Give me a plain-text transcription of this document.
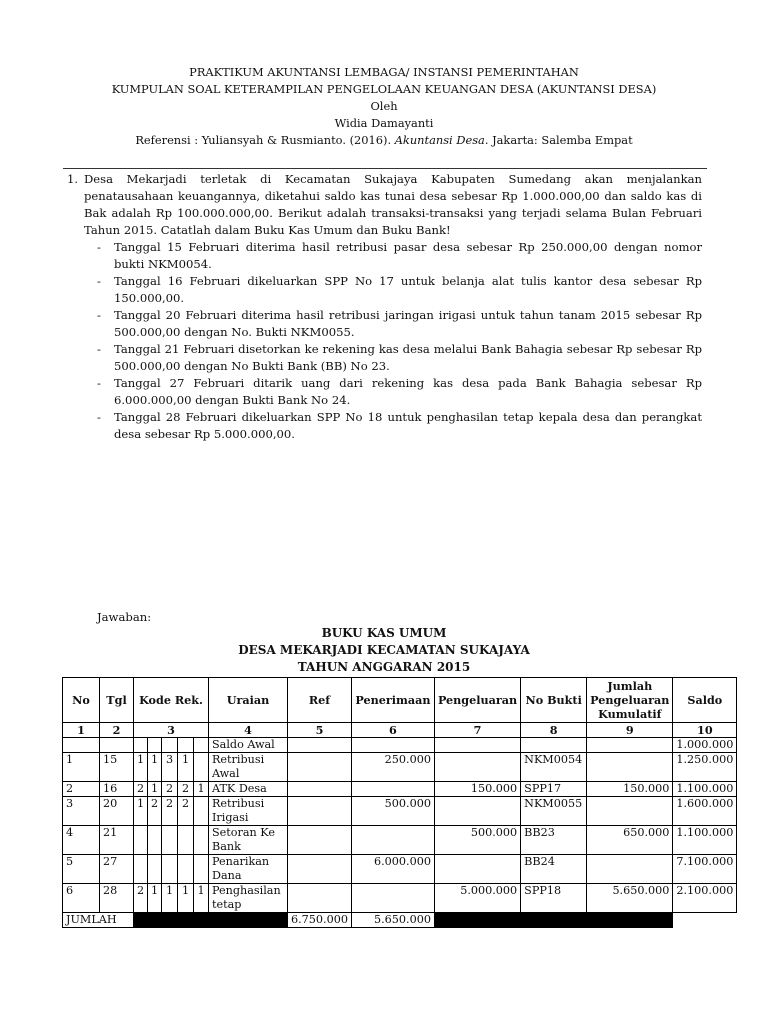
PRAKTIKUM AKUNTANSI LEMBAGA/ INSTANSI PEMERINTAHAN
KUMPULAN SOAL KETERAMPILAN PENGELOLAAN KEUANGAN DESA (AKUNTANSI DESA)
Oleh
Widia Damayanti
Referensi : Yuliansyah & Rusmianto. (2016). Akuntansi Desa. Jakarta: Salemba Empat
1. Desa Mekarjadi terletak di Kecamatan Sukajaya Kabupaten Sumedang akan menjalankan penatausahaan keuangannya, diketahui saldo kas tunai desa sebesar Rp 1.000.000,00 dan saldo kas di Bak adalah Rp 100.000.000,00. Berikut adalah transaksi-transaksi yang terjadi selama Bulan Februari Tahun 2015. Catatlah dalam Buku Kas Umum dan Buku Bank!
- Tanggal 15 Februari diterima hasil retribusi pasar desa sebesar Rp 250.000,00 dengan nomor bukti NKM0054.
- Tanggal 16 Februari dikeluarkan SPP No 17 untuk belanja alat tulis kantor desa sebesar Rp 150.000,00.
- Tanggal 20 Februari diterima hasil retribusi jaringan irigasi untuk tahun tanam 2015 sebesar Rp 500.000,00 dengan No. Bukti NKM0055.
- Tanggal 21 Februari disetorkan ke rekening kas desa melalui Bank Bahagia sebesar Rp sebesar Rp 500.000,00 dengan No Bukti Bank (BB) No 23.
- Tanggal 27 Februari ditarik uang dari rekening kas desa pada Bank Bahagia sebesar Rp 6.000.000,00 dengan Bukti Bank No 24.
- Tanggal 28 Februari dikeluarkan SPP No 18 untuk penghasilan tetap kepala desa dan perangkat desa sebesar Rp 5.000.000,00.
Jawaban:
BUKU KAS UMUM
DESA MEKARJADI KECAMATAN SUKAJAYA
TAHUN ANGGARAN 2015
No	Tgl	Kode Rek.					Uraian	Ref	Penerimaan	Pengeluaran	No Bukti	Jumlah Pengeluaran Kumulatif	Saldo
1	2	3					4	5	6	7	8	9	10
							Saldo Awal						1.000.000
1	15	1	1	3	1		Retribusi Awal		250.000		NKM0054		1.250.000
2	16	2	1	2	2	1	ATK Desa			150.000	SPP17	150.000	1.100.000
3	20	1	2	2	2		Retribusi Irigasi		500.000		NKM0055		1.600.000
4	21						Setoran Ke Bank			500.000	BB23	650.000	1.100.000
5	27						Penarikan Dana		6.000.000		BB24		7.100.000
6	28	2	1	1	1	1	Penghasilan tetap			5.000.000	SPP18	5.650.000	2.100.000
JUMLAH								6.750.000	5.650.000				
